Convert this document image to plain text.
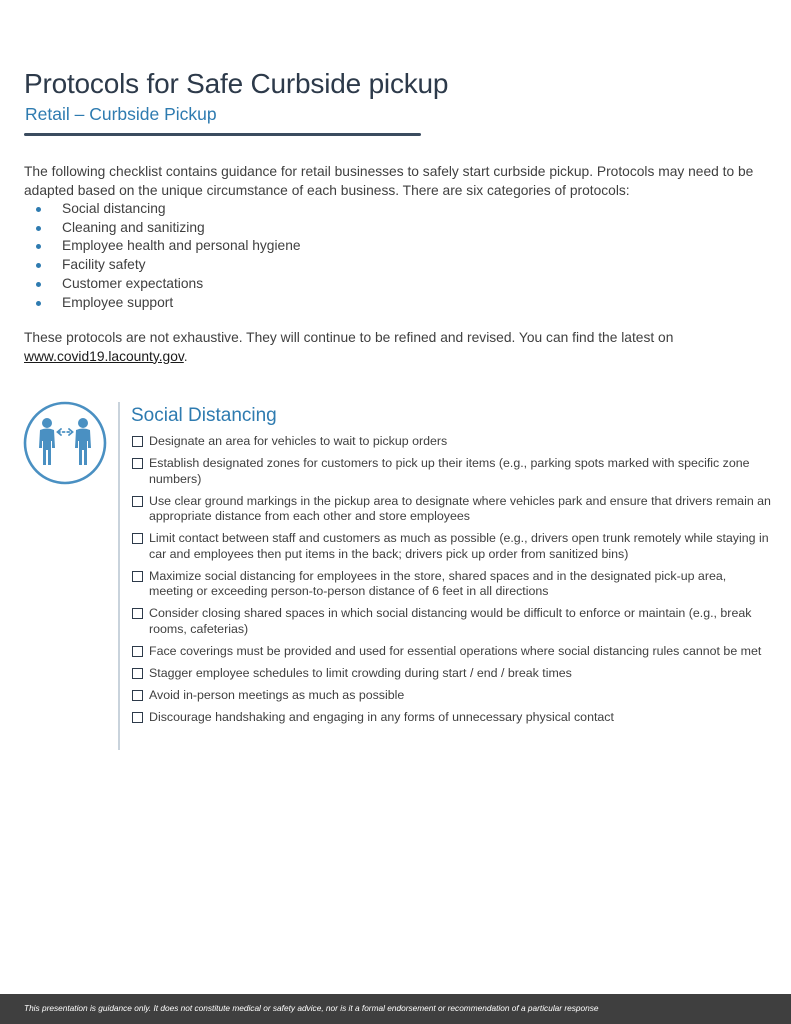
Protocols for Safe Curbside pickup
Retail – Curbside Pickup

The following checklist contains guidance for retail businesses to safely start curbside pickup. Protocols may need to be adapted based on the unique circumstance of each business. There are six categories of protocols:

Social distancing
Cleaning and sanitizing
Employee health and personal hygiene
Facility safety
Customer expectations
Employee support

These protocols are not exhaustive. They will continue to be refined and revised. You can find the latest on www.covid19.lacounty.gov.

Social Distancing
Designate an area for vehicles to wait to pickup orders
Establish designated zones for customers to pick up their items (e.g., parking spots marked with specific zone numbers)
Use clear ground markings in the pickup area to designate where vehicles park and ensure that drivers remain an appropriate distance from each other and store employees
Limit contact between staff and customers as much as possible (e.g., drivers open trunk remotely while staying in car and employees then put items in the back; drivers pick up order from sanitized bins)
Maximize social distancing for employees in the store, shared spaces and in the designated pick-up area, meeting or exceeding person-to-person distance of 6 feet in all directions
Consider closing shared spaces in which social distancing would be difficult to enforce or maintain (e.g., break rooms, cafeterias)
Face coverings must be provided and used for essential operations where social distancing rules cannot be met
Stagger employee schedules to limit crowding during start / end / break times
Avoid in-person meetings as much as possible
Discourage handshaking and engaging in any forms of unnecessary physical contact
This presentation is guidance only. It does not constitute medical or safety advice, nor is it a formal endorsement or recommendation of a particular response
